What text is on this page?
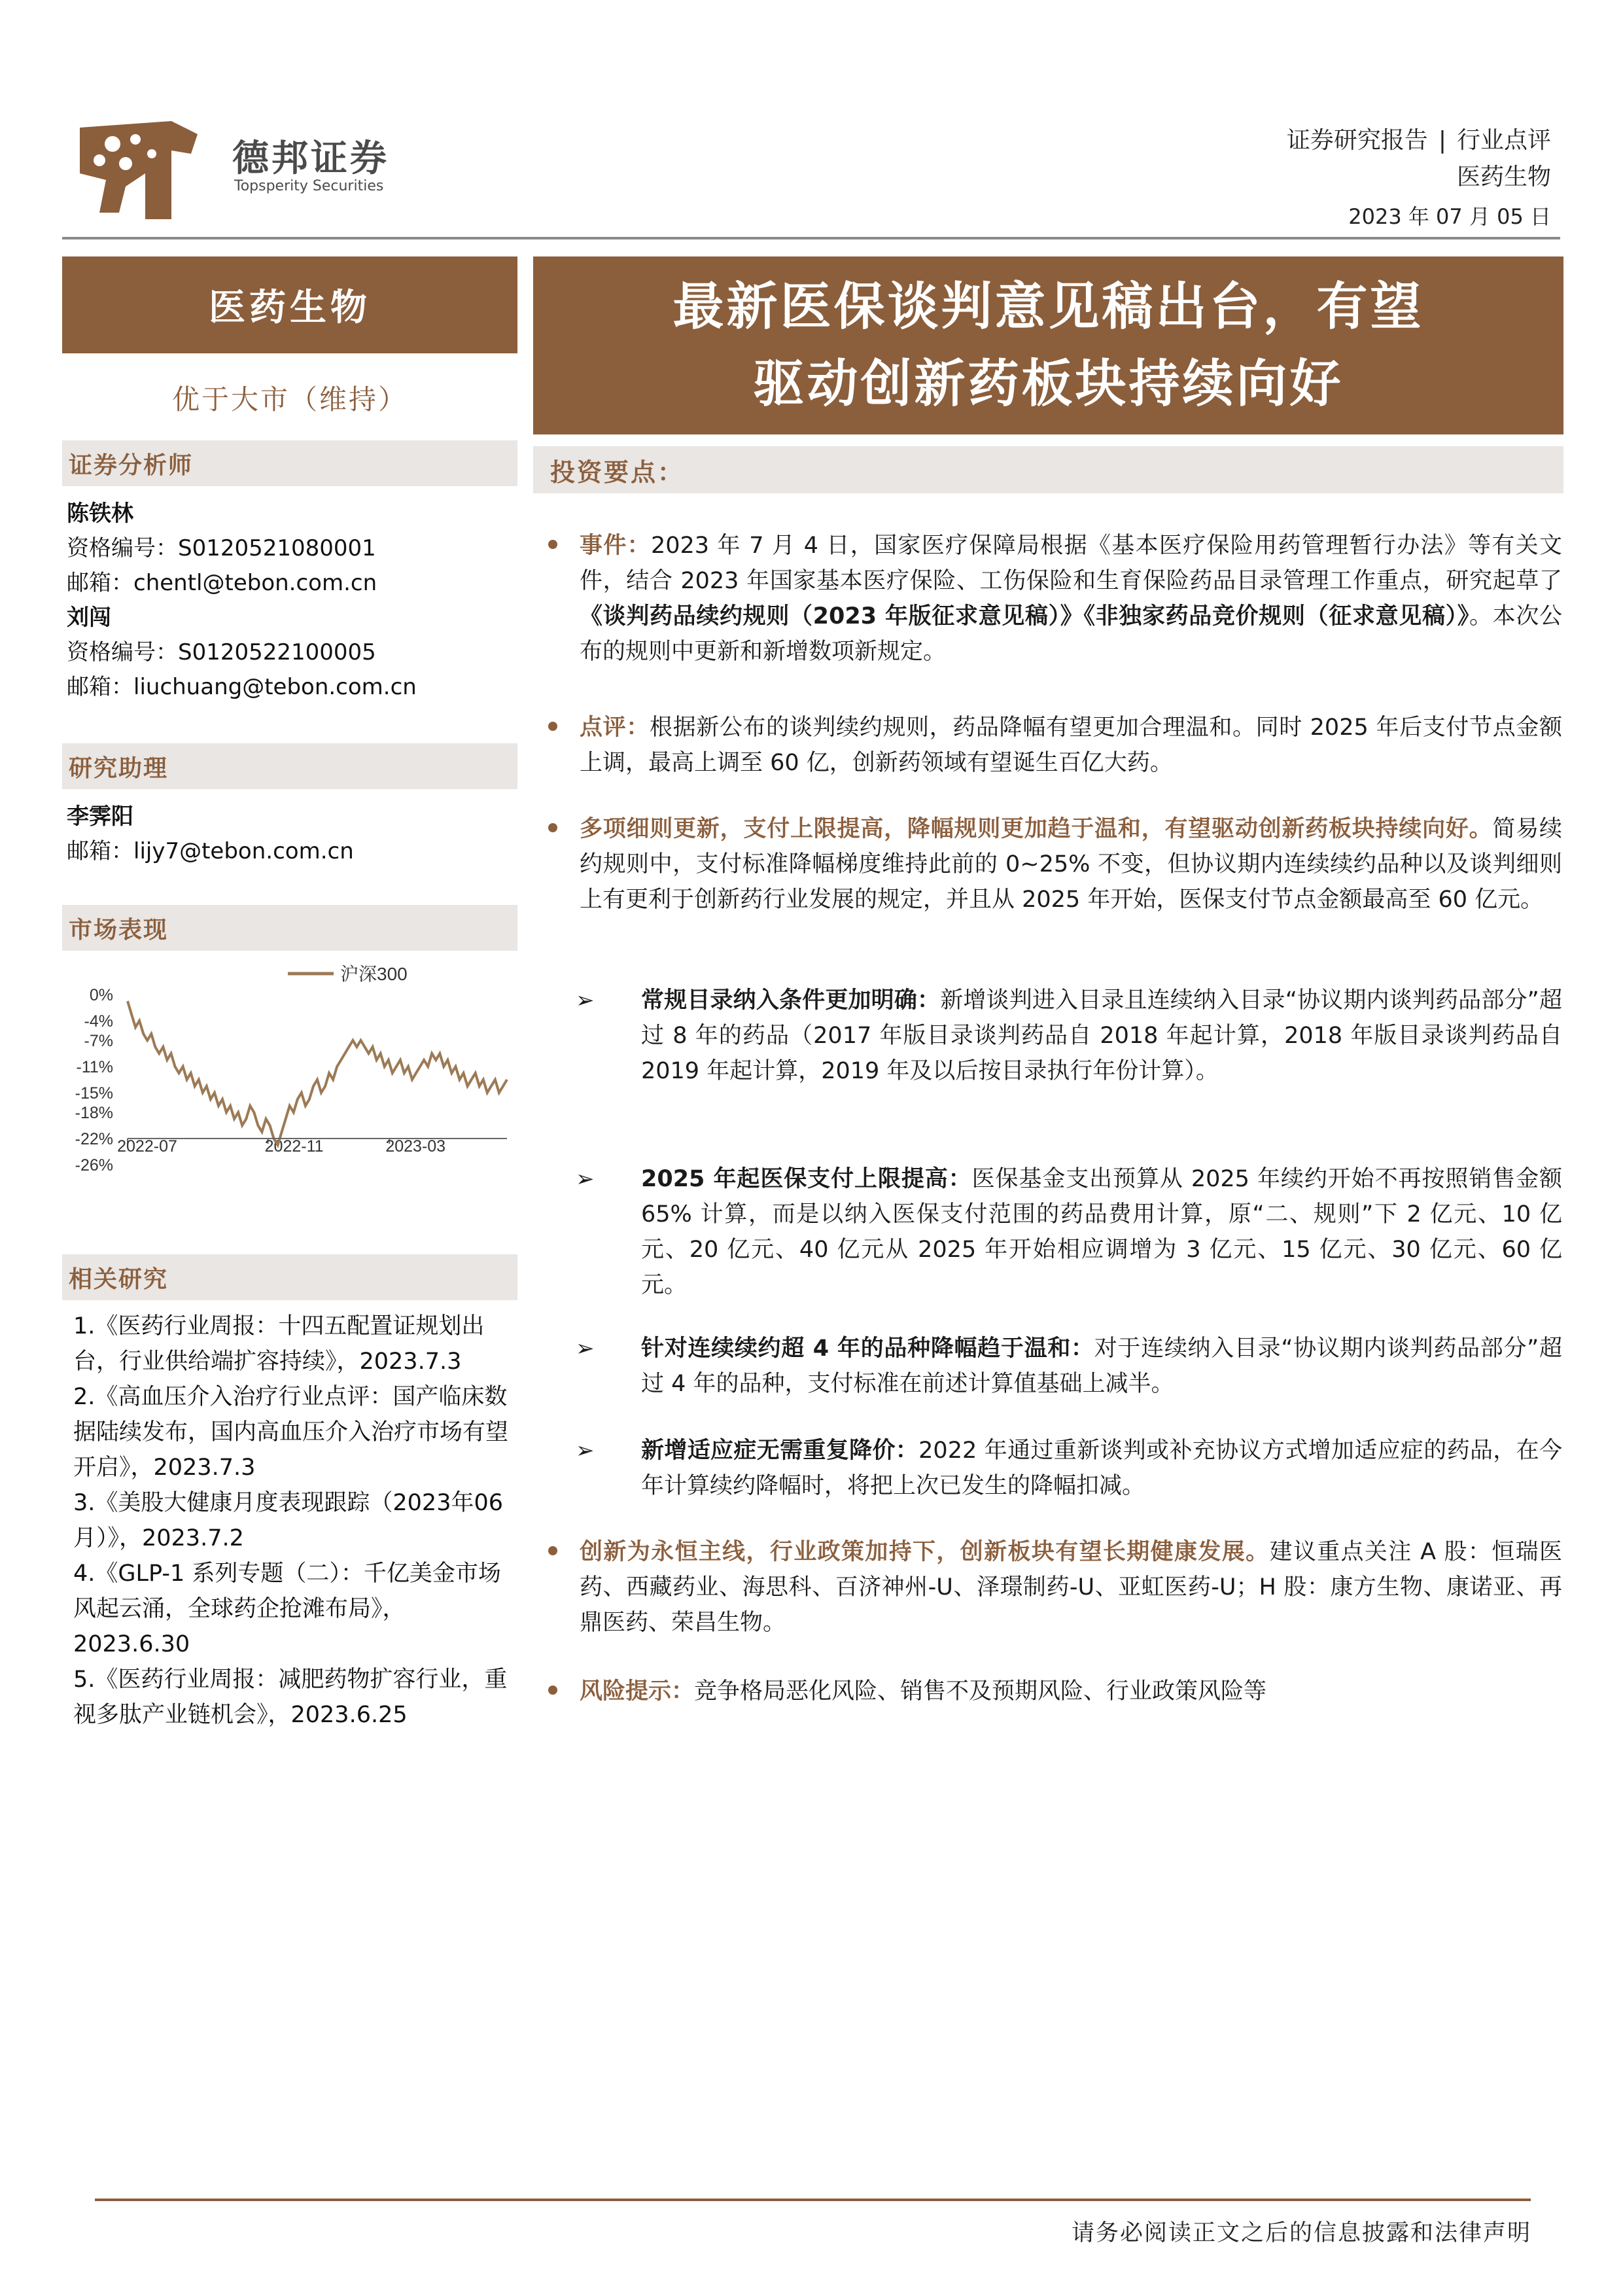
德邦证券
Topsperity Securities
证券研究报告 | 行业点评
医药生物
2023 年 07 月 05 日
医药生物
优于大市（维持）
证券分析师
陈铁林
资格编号：S0120521080001
邮箱：chentl@tebon.com.cn
刘闯
资格编号：S0120522100005
邮箱：liuchuang@tebon.com.cn
研究助理
李霁阳
邮箱：lijy7@tebon.com.cn
市场表现
沪深300
0%
-4%
-7%
-11%
-15%
-18%
-22%
-26%
2022-07	2022-11	2023-03
相关研究

1.《医药行业周报：十四五配置证规划出台，行业供给端扩容持续》，2023.7.3

2.《高血压介入治疗行业点评：国产临床数据陆续发布，国内高血压介入治疗市场有望开启》，2023.7.3

3.《美股大健康月度表现跟踪（2023年06月）》，2023.7.2

4.《GLP-1 系列专题（二）：千亿美金市场风起云涌，全球药企抢滩布局》，2023.6.30

5.《医药行业周报：减肥药物扩容行业，重视多肽产业链机会》，2023.6.25

最新医保谈判意见稿出台，有望
驱动创新药板块持续向好
投资要点：
事件：2023 年 7 月 4 日，国家医疗保障局根据《基本医疗保险用药管理暂行办法》等有关文件，结合 2023 年国家基本医疗保险、工伤保险和生育保险药品目录管理工作重点，研究起草了《谈判药品续约规则（2023 年版征求意见稿）》《非独家药品竞价规则（征求意见稿）》。本次公布的规则中更新和新增数项新规定。
点评：根据新公布的谈判续约规则，药品降幅有望更加合理温和。同时 2025 年后支付节点金额上调，最高上调至 60 亿，创新药领域有望诞生百亿大药。
多项细则更新，支付上限提高，降幅规则更加趋于温和，有望驱动创新药板块持续向好。简易续约规则中，支付标准降幅梯度维持此前的 0~25% 不变，但协议期内连续续约品种以及谈判细则上有更利于创新药行业发展的规定，并且从 2025 年开始，医保支付节点金额最高至 60 亿元。
➢ 常规目录纳入条件更加明确：新增谈判进入目录且连续纳入目录“协议期内谈判药品部分”超过 8 年的药品（2017 年版目录谈判药品自 2018 年起计算，2018 年版目录谈判药品自 2019 年起计算，2019 年及以后按目录执行年份计算）。
➢ 2025 年起医保支付上限提高：医保基金支出预算从 2025 年续约开始不再按照销售金额 65% 计算，而是以纳入医保支付范围的药品费用计算，原“二、规则”下 2 亿元、10 亿元、20 亿元、40 亿元从 2025 年开始相应调增为 3 亿元、15 亿元、30 亿元、60 亿元。
➢ 针对连续续约超 4 年的品种降幅趋于温和：对于连续纳入目录“协议期内谈判药品部分”超过 4 年的品种，支付标准在前述计算值基础上减半。
➢ 新增适应症无需重复降价：2022 年通过重新谈判或补充协议方式增加适应症的药品，在今年计算续约降幅时，将把上次已发生的降幅扣减。
创新为永恒主线，行业政策加持下，创新板块有望长期健康发展。建议重点关注 A 股：恒瑞医药、西藏药业、海思科、百济神州-U、泽璟制药-U、亚虹医药-U；H 股：康方生物、康诺亚、再鼎医药、荣昌生物。
风险提示：竞争格局恶化风险、销售不及预期风险、行业政策风险等
请务必阅读正文之后的信息披露和法律声明
